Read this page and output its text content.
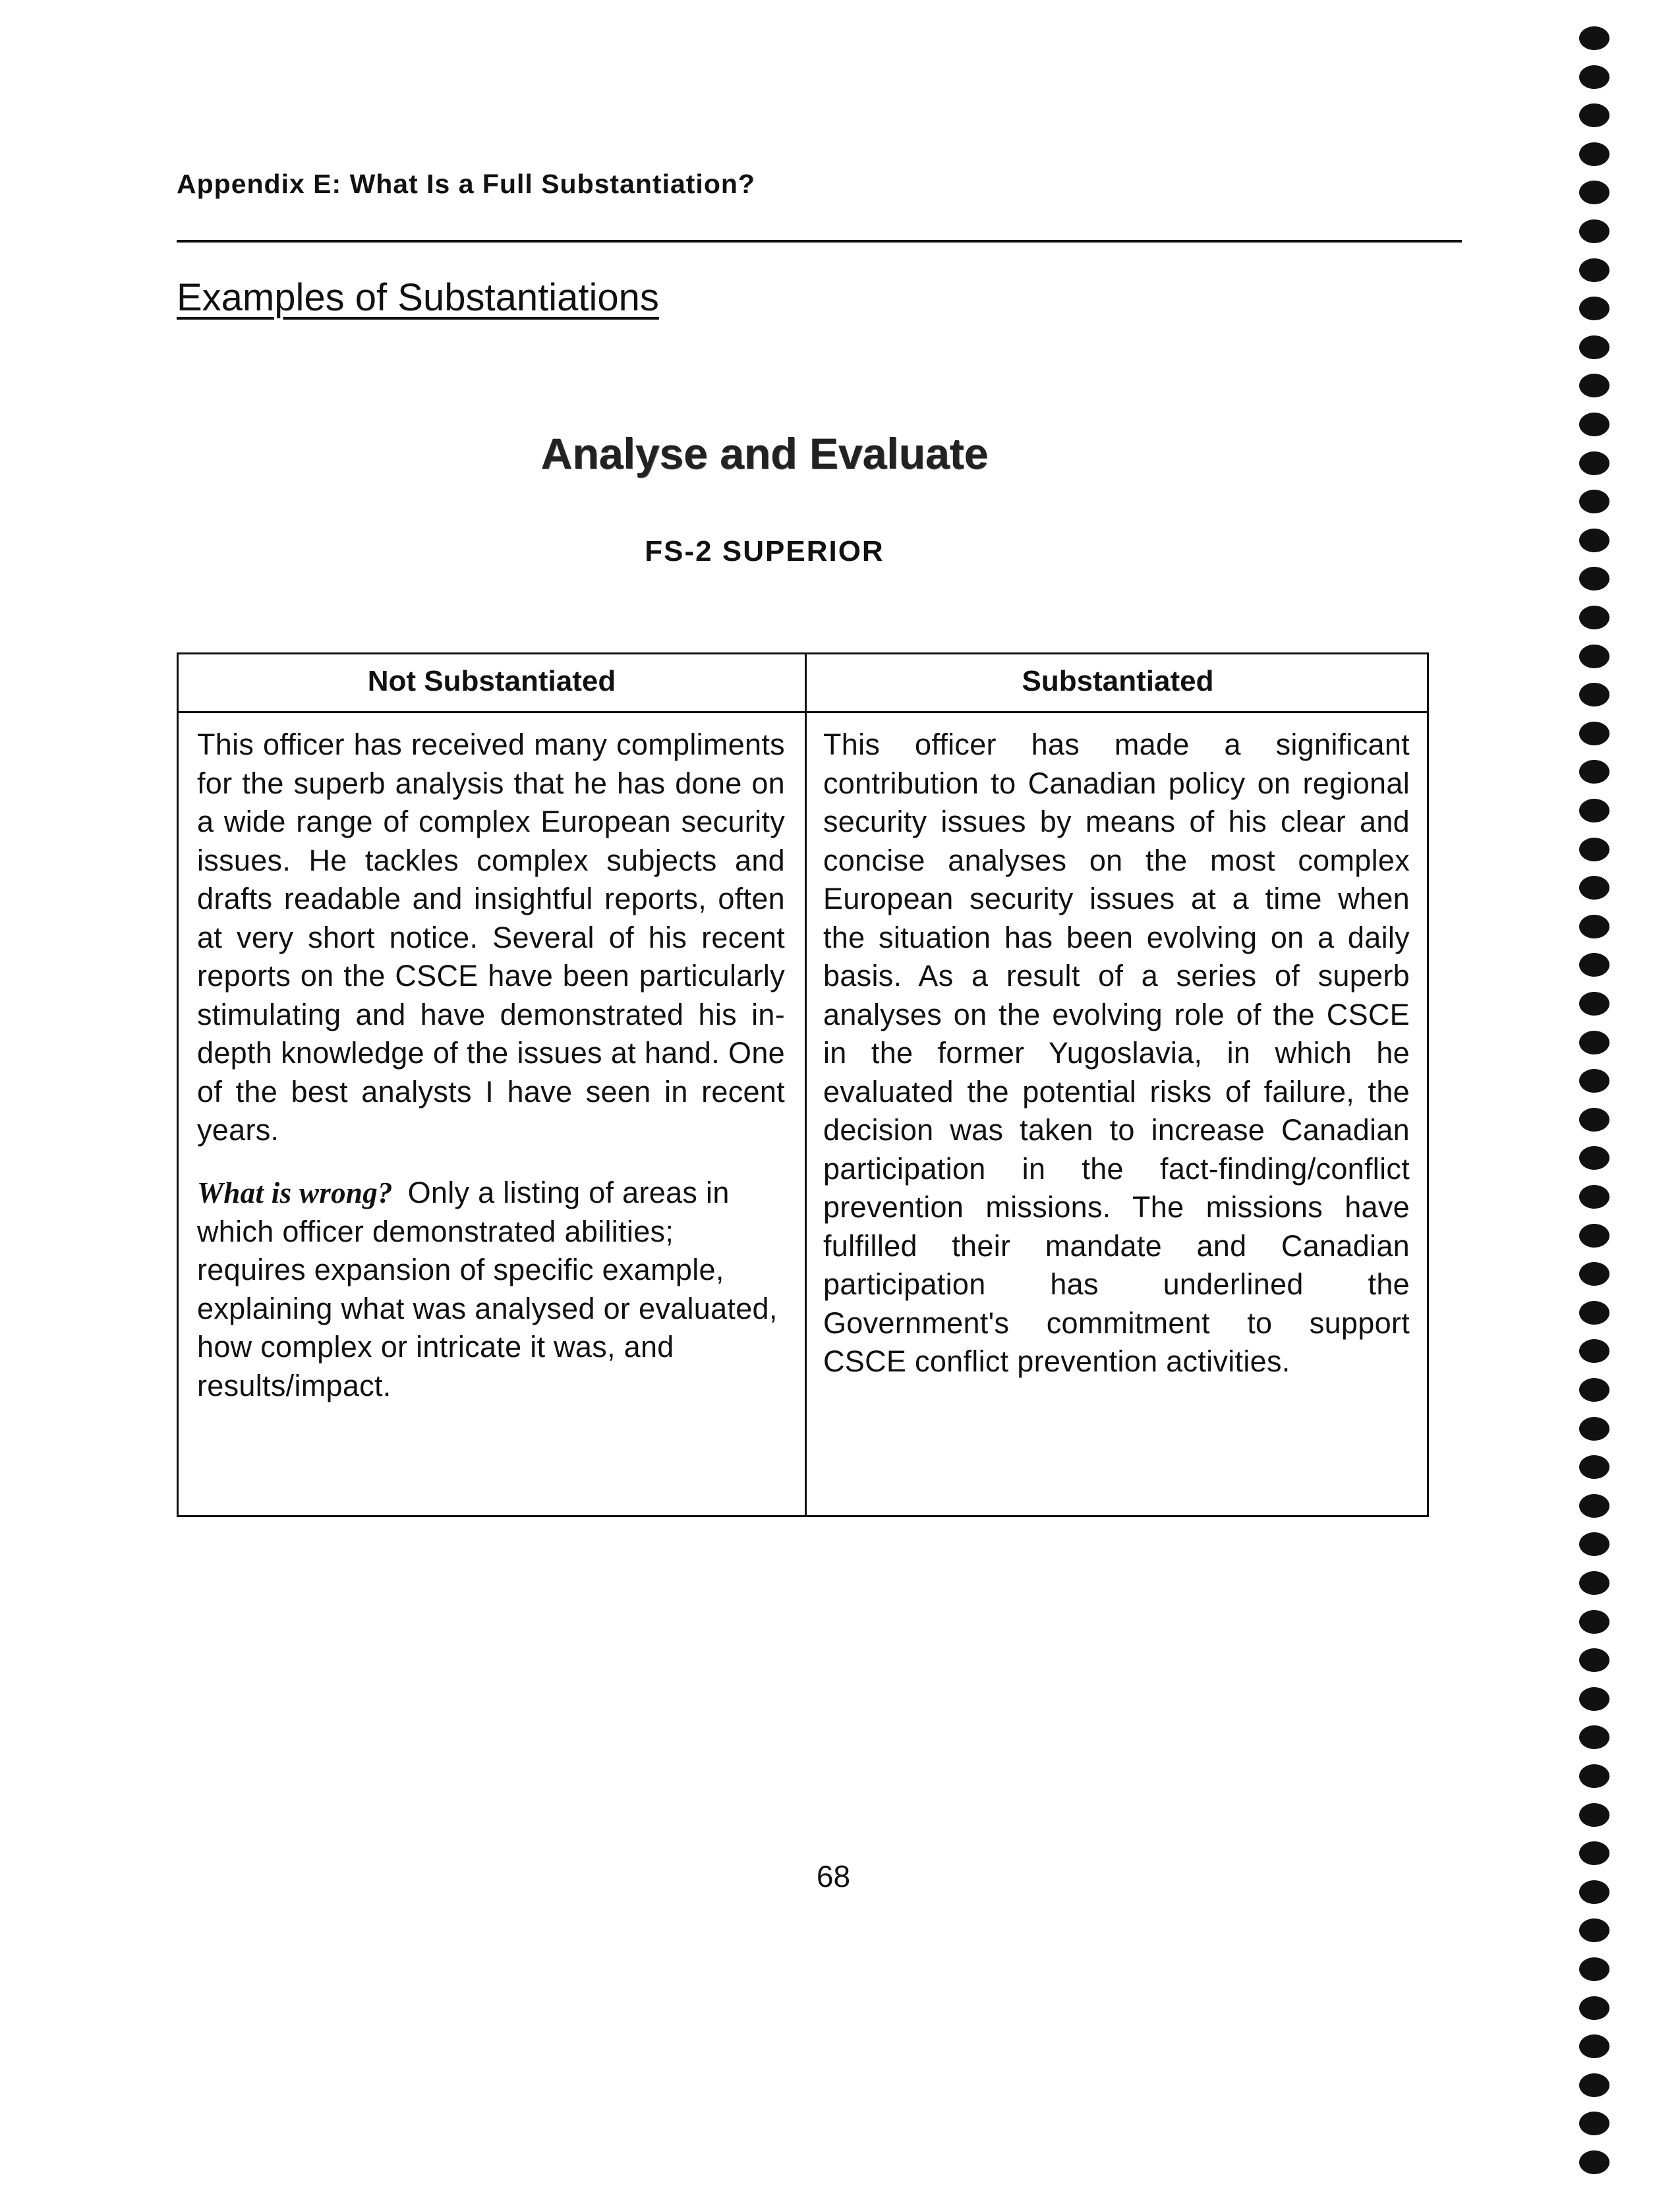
Appendix E: What Is a Full Substantiation?
Examples of Substantiations
Analyse and Evaluate
FS-2 SUPERIOR
Not Substantiated	Substantiated
This officer has received many compliments for the superb analysis that he has done on a wide range of complex European security issues. He tackles complex subjects and drafts readable and insightful reports, often at very short notice. Several of his recent reports on the CSCE have been particularly stimulating and have demonstrated his in-depth knowledge of the issues at hand. One of the best analysts I have seen in recent years.
What is wrong? Only a listing of areas in which officer demonstrated abilities; requires expansion of specific example, explaining what was analysed or evaluated, how complex or intricate it was, and results/impact.
This officer has made a significant contribution to Canadian policy on regional security issues by means of his clear and concise analyses on the most complex European security issues at a time when the situation has been evolving on a daily basis. As a result of a series of superb analyses on the evolving role of the CSCE in the former Yugoslavia, in which he evaluated the potential risks of failure, the decision was taken to increase Canadian participation in the fact-finding/conflict prevention missions. The missions have fulfilled their mandate and Canadian participation has underlined the Government's commitment to support CSCE conflict prevention activities.
68
